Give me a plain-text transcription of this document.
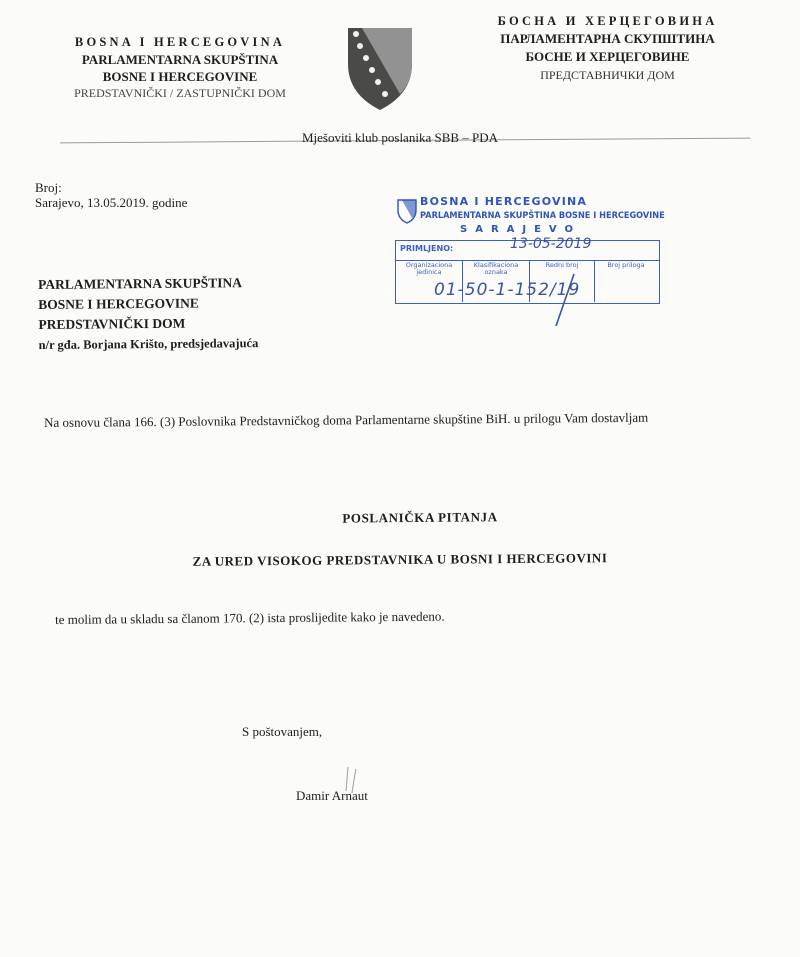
BOSNA I HERCEGOVINA
PARLAMENTARNA SKUPŠTINA
BOSNE I HERCEGOVINE
PREDSTAVNIČKI / ZASTUPNIČKI DOM
БОСНА И ХЕРЦЕГОВИНА
ПАРЛАМЕНТАРНА СКУПШТИНА
БОСНЕ И ХЕРЦЕГОВИНЕ
ПРЕДСТАВНИЧКИ ДОМ
Mješoviti klub poslanika SBB – PDA
Broj:
Sarajevo, 13.05.2019. godine	BOSNA I HERCEGOVINA
PARLAMENTARNA SKUPŠTINA BOSNE I HERCEGOVINE
SARAJEVO
PRIMLJENO:
Organizaciona jedinica
Klasifikaciona oznaka
Redni broj	Broj priloga
13-05-2019
01-50-1-152/19
PARLAMENTARNA SKUPŠTINA
BOSNE I HERCEGOVINE
PREDSTAVNIČKI DOM
n/r gđa. Borjana Krišto, predsjedavajuća
Na osnovu člana 166. (3) Poslovnika Predstavničkog doma Parlamentarne skupštine BiH. u prilogu Vam dostavljam
POSLANIČKA PITANJA
ZA URED VISOKOG PREDSTAVNIKA U BOSNI I HERCEGOVINI
te molim da u skladu sa članom 170. (2) ista proslijedite kako je navedeno.
S poštovanjem,
Damir Arnaut
